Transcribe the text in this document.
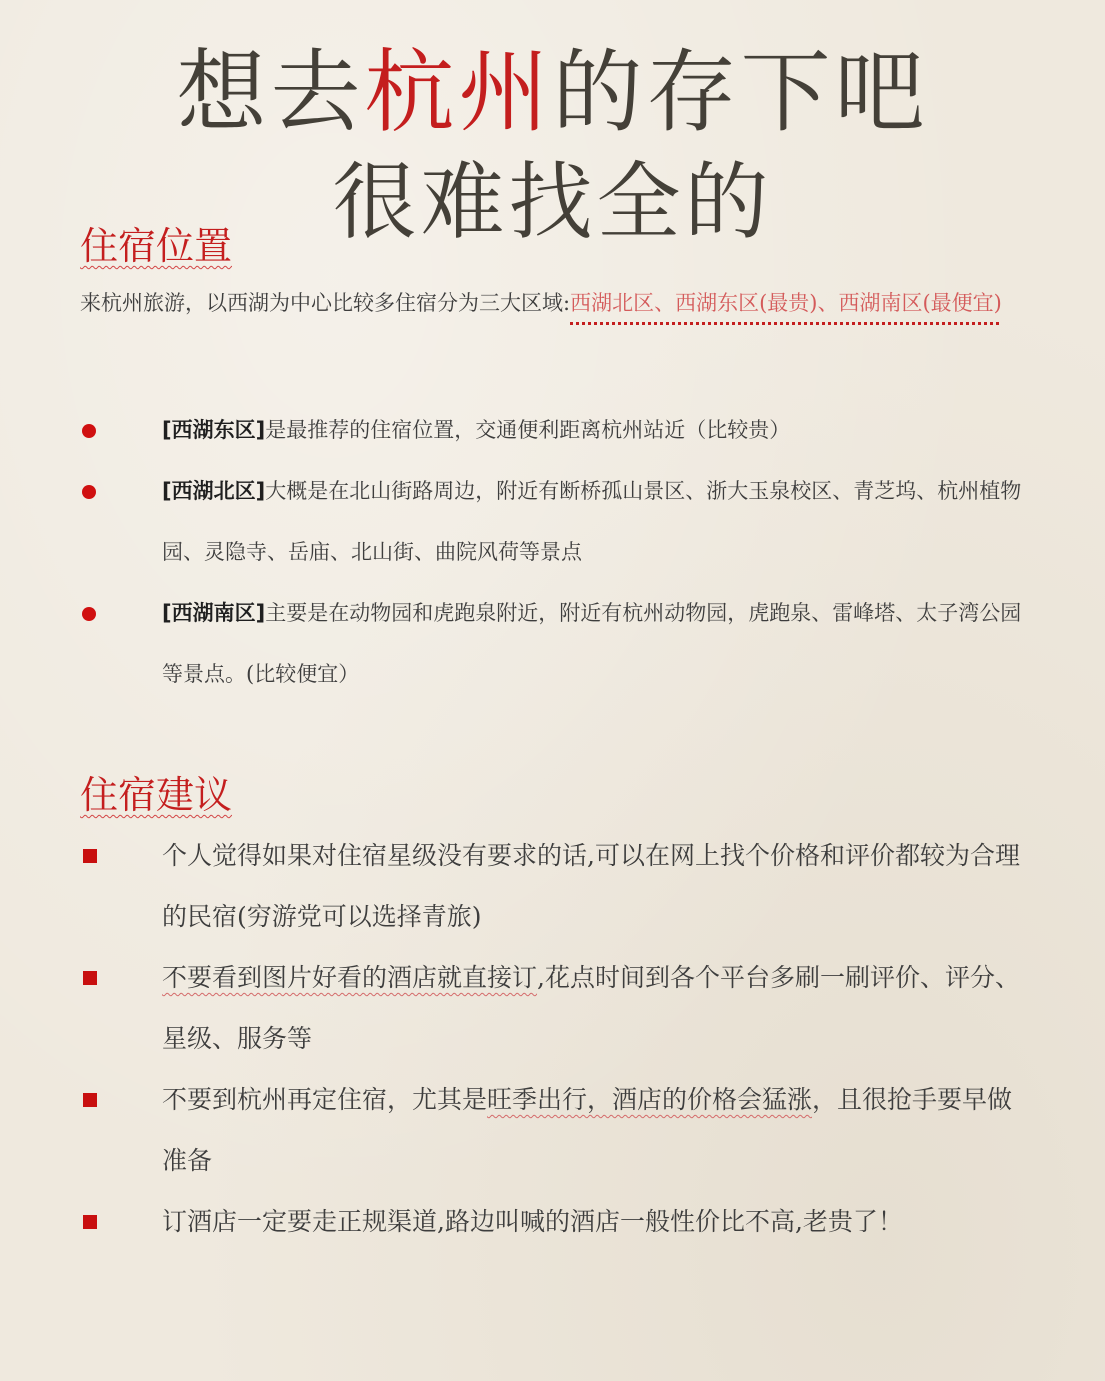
想去杭州的存下吧
很难找全的
住宿位置

来杭州旅游，以西湖为中心比较多住宿分为三大区域:西湖北区、西湖东区(最贵)、西湖南区(最便宜)

[西湖东区]是最推荐的住宿位置，交通便利距离杭州站近（比较贵）

[西湖北区]大概是在北山街路周边，附近有断桥孤山景区、浙大玉泉校区、青芝坞、杭州植物园、灵隐寺、岳庙、北山街、曲院风荷等景点

[西湖南区]主要是在动物园和虎跑泉附近，附近有杭州动物园，虎跑泉、雷峰塔、太子湾公园等景点。(比较便宜）

住宿建议

个人觉得如果对住宿星级没有要求的话,可以在网上找个价格和评价都较为合理的民宿(穷游党可以选择青旅)

不要看到图片好看的酒店就直接订,花点时间到各个平台多刷一刷评价、评分、星级、服务等

不要到杭州再定住宿，尤其是旺季出行，酒店的价格会猛涨，且很抢手要早做准备

订酒店一定要走正规渠道,路边叫喊的酒店一般性价比不高,老贵了！
